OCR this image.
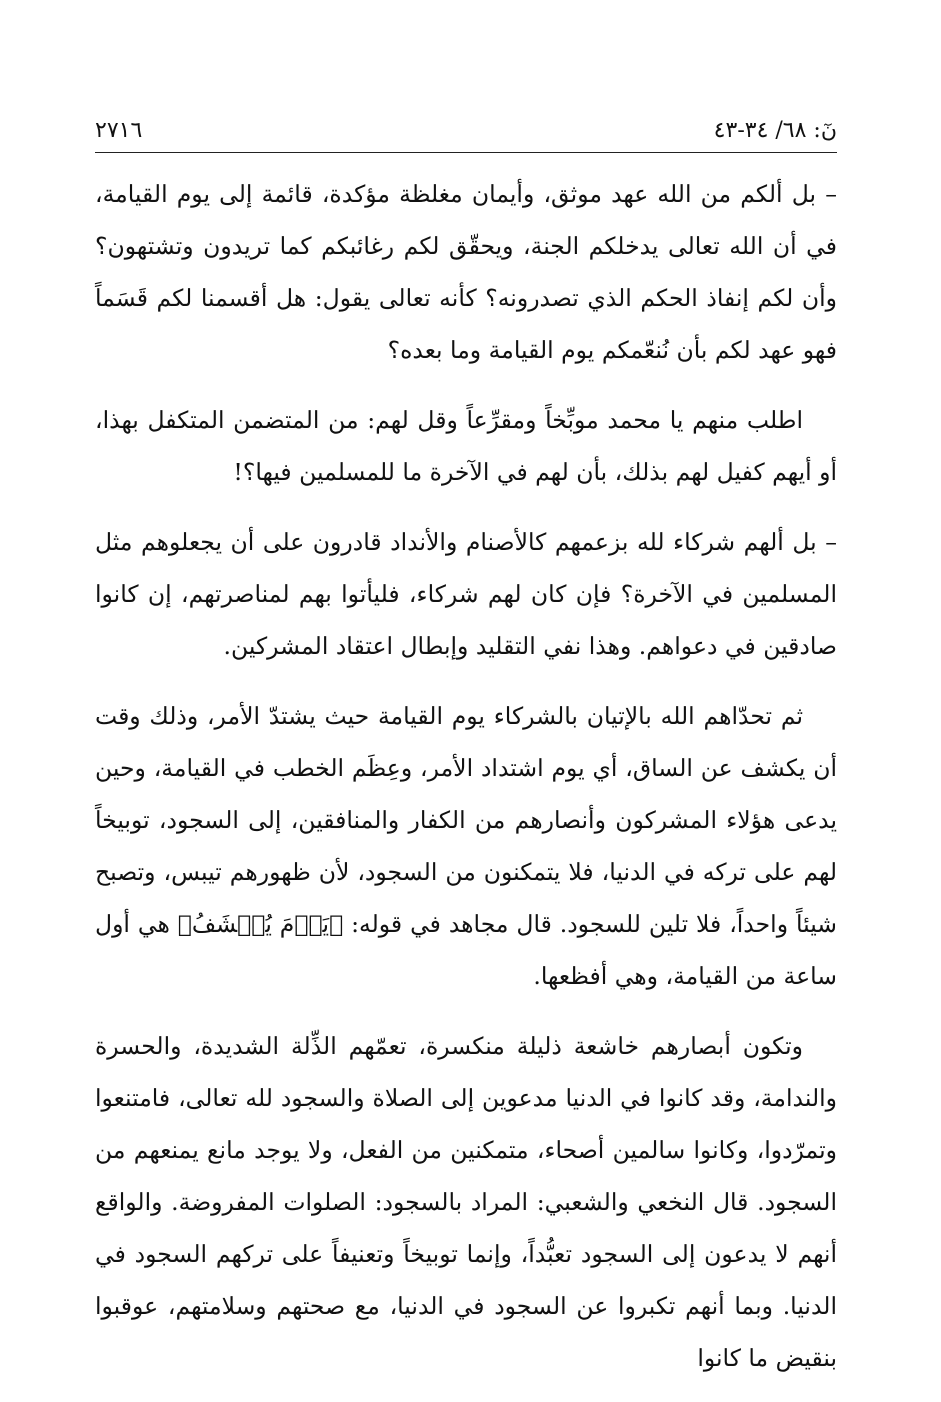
نٓ: ٦٨/ ٣٤-٤٣
٢٧١٦

– بل ألكم من الله عهد موثق، وأيمان مغلظة مؤكدة، قائمة إلى يوم القيامة، في أن الله تعالى يدخلكم الجنة، ويحقّق لكم رغائبكم كما تريدون وتشتهون؟ وأن لكم إنفاذ الحكم الذي تصدرونه؟ كأنه تعالى يقول: هل أقسمنا لكم قَسَماً فهو عهد لكم بأن نُنعّمكم يوم القيامة وما بعده؟

اطلب منهم يا محمد موبِّخاً ومقرِّعاً وقل لهم: من المتضمن المتكفل بهذا، أو أيهم كفيل لهم بذلك، بأن لهم في الآخرة ما للمسلمين فيها؟!

– بل ألهم شركاء لله بزعمهم كالأصنام والأنداد قادرون على أن يجعلوهم مثل المسلمين في الآخرة؟ فإن كان لهم شركاء، فليأتوا بهم لمناصرتهم، إن كانوا صادقين في دعواهم. وهذا نفي التقليد وإبطال اعتقاد المشركين.

ثم تحدّاهم الله بالإتيان بالشركاء يوم القيامة حيث يشتدّ الأمر، وذلك وقت أن يكشف عن الساق، أي يوم اشتداد الأمر، وعِظَم الخطب في القيامة، وحين يدعى هؤلاء المشركون وأنصارهم من الكفار والمنافقين، إلى السجود، توبيخاً لهم على تركه في الدنيا، فلا يتمكنون من السجود، لأن ظهورهم تيبس، وتصبح شيئاً واحداً، فلا تلين للسجود. قال مجاهد في قوله: ﴿يَوۡمَ يُكۡشَفُ﴾ هي أول ساعة من القيامة، وهي أفظعها.

وتكون أبصارهم خاشعة ذليلة منكسرة، تعمّهم الذِّلة الشديدة، والحسرة والندامة، وقد كانوا في الدنيا مدعوين إلى الصلاة والسجود لله تعالى، فامتنعوا وتمرّدوا، وكانوا سالمين أصحاء، متمكنين من الفعل، ولا يوجد مانع يمنعهم من السجود. قال النخعي والشعبي: المراد بالسجود: الصلوات المفروضة. والواقع أنهم لا يدعون إلى السجود تعبُّداً، وإنما توبيخاً وتعنيفاً على تركهم السجود في الدنيا. وبما أنهم تكبروا عن السجود في الدنيا، مع صحتهم وسلامتهم، عوقبوا بنقيض ما كانوا
